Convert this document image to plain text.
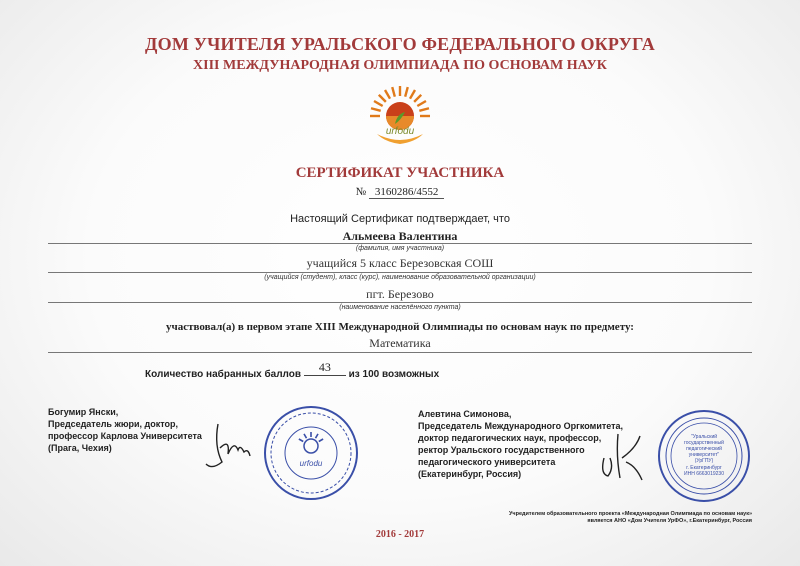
ДОМ УЧИТЕЛЯ УРАЛЬСКОГО ФЕДЕРАЛЬНОГО ОКРУГА
XIII МЕЖДУНАРОДНАЯ ОЛИМПИАДА ПО ОСНОВАМ НАУК
urfodu
СЕРТИФИКАТ УЧАСТНИКА
№ 3160286/4552
Настоящий Сертификат подтверждает, что
Альмеева Валентина
(фамилия, имя участника)
учащийся 5 класс Березовская СОШ
(учащийся (студент), класс (курс), наименование образовательной организации)
пгт. Березово
(наименование населённого пункта)
участвовал(а) в первом этапе XIII Международной Олимпиады по основам наук по предмету:
Математика
Количество набранных баллов 43 из 100 возможных
Богумир Янски,
Председатель жюри, доктор,
профессор Карлова Университета
(Прага, Чехия)
urfodu
Алевтина Симонова,
Председатель Международного Оргкомитета,
доктор педагогических наук, профессор,
ректор Уральского государственного
педагогического университета
(Екатеринбург, Россия)
"Уральский
государственный
педагогический
университет"
(УрГПУ)
г. Екатеринбург
ИНН 6663019230
Учредителем образовательного проекта «Международная Олимпиада по основам наук»
является АНО «Дом Учителя УрФО», г.Екатеринбург, Россия
2016 - 2017
